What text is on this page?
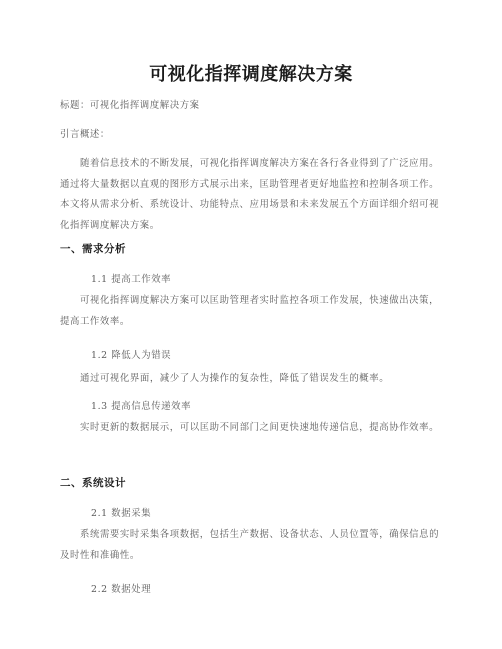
可视化指挥调度解决方案

标题：可视化指挥调度解决方案

引言概述：

随着信息技术的不断发展，可视化指挥调度解决方案在各行各业得到了广泛应用。通过将大量数据以直观的图形方式展示出来，匡助管理者更好地监控和控制各项工作。本文将从需求分析、系统设计、功能特点、应用场景和未来发展五个方面详细介绍可视化指挥调度解决方案。

一、需求分析

1.1 提高工作效率

可视化指挥调度解决方案可以匡助管理者实时监控各项工作发展，快速做出决策，提高工作效率。

1.2 降低人为错误

通过可视化界面，减少了人为操作的复杂性，降低了错误发生的概率。

1.3 提高信息传递效率

实时更新的数据展示，可以匡助不同部门之间更快速地传递信息，提高协作效率。

二、系统设计

2.1 数据采集

系统需要实时采集各项数据，包括生产数据、设备状态、人员位置等，确保信息的及时性和准确性。

2.2 数据处理
